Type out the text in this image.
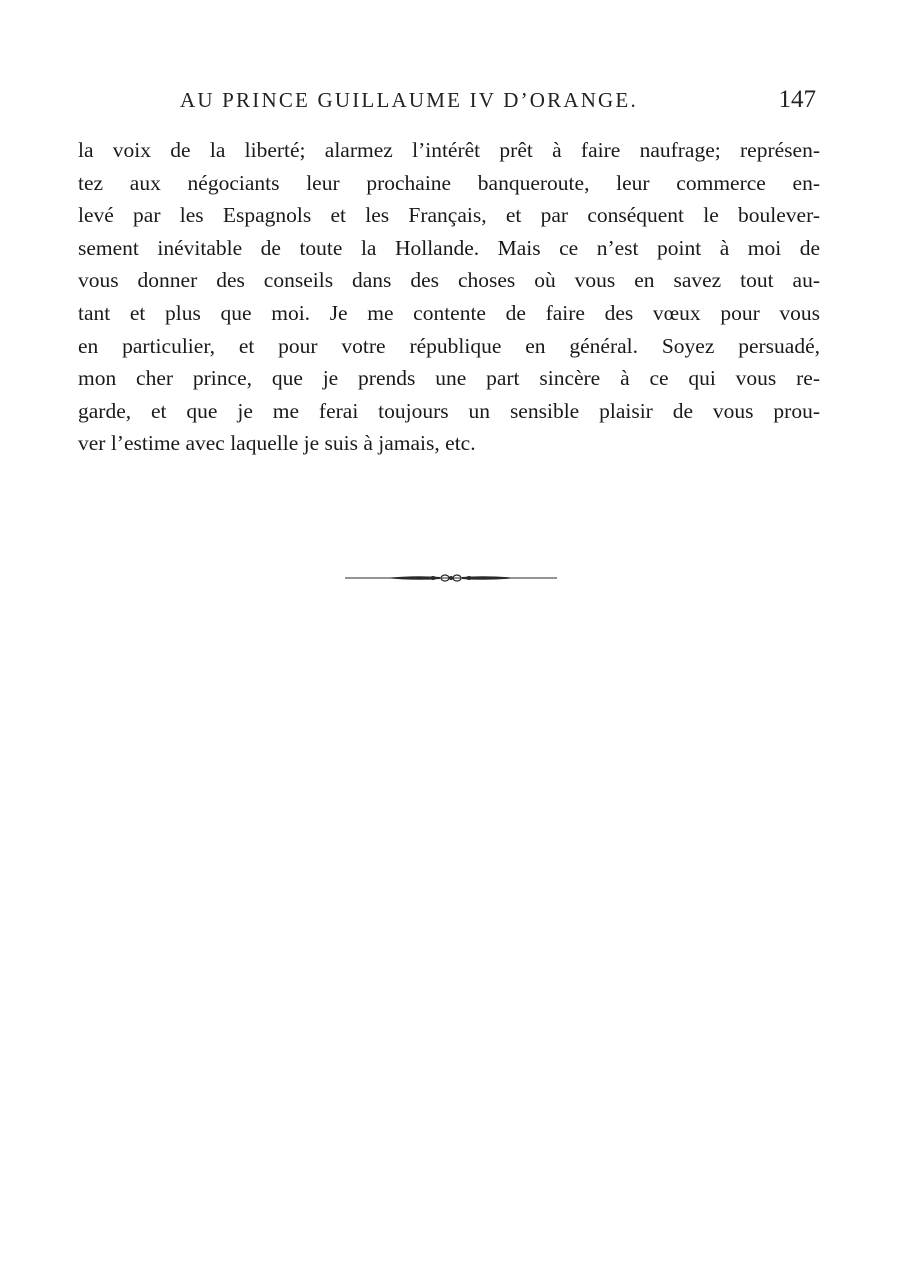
AU PRINCE GUILLAUME IV D’ORANGE.	147
la voix de la liberté; alarmez l’intérêt prêt à faire naufrage; représen-
tez aux négociants leur prochaine banqueroute, leur commerce en-
levé par les Espagnols et les Français, et par conséquent le boulever-
sement inévitable de toute la Hollande. Mais ce n’est point à moi de
vous donner des conseils dans des choses où vous en savez tout au-
tant et plus que moi. Je me contente de faire des vœux pour vous
en particulier, et pour votre république en général. Soyez persuadé,
mon cher prince, que je prends une part sincère à ce qui vous re-
garde, et que je me ferai toujours un sensible plaisir de vous prou-
ver l’estime avec laquelle je suis à jamais, etc.
